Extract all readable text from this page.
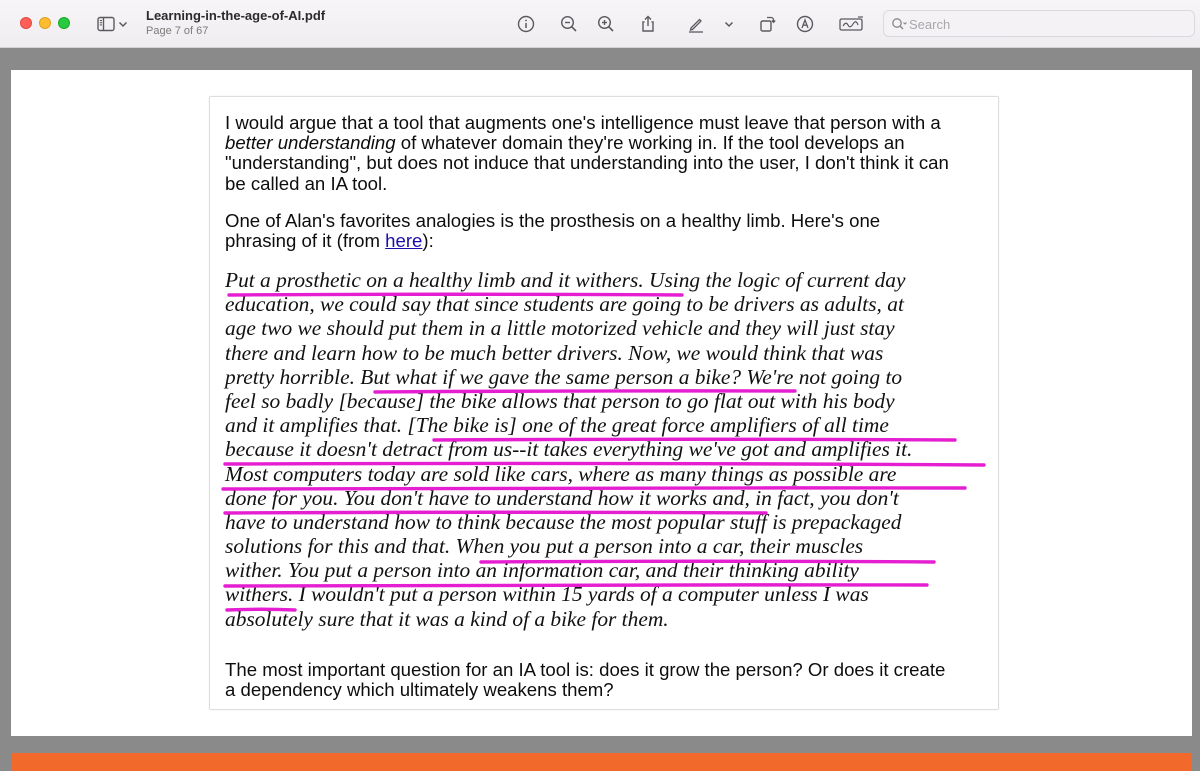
Learning-in-the-age-of-AI.pdf
Page 7 of 67
Search
I would argue that a tool that augments one's intelligence must leave that person with a
better understanding of whatever domain they're working in. If the tool develops an
"understanding", but does not induce that understanding into the user, I don't think it can
be called an IA tool.
One of Alan's favorites analogies is the prosthesis on a healthy limb. Here's one
phrasing of it (from here):
Put a prosthetic on a healthy limb and it withers. Using the logic of current day
education, we could say that since students are going to be drivers as adults, at
age two we should put them in a little motorized vehicle and they will just stay
there and learn how to be much better drivers. Now, we would think that was
pretty horrible. But what if we gave the same person a bike? We're not going to
feel so badly [because] the bike allows that person to go flat out with his body
and it amplifies that. [The bike is] one of the great force amplifiers of all time
because it doesn't detract from us--it takes everything we've got and amplifies it.
Most computers today are sold like cars, where as many things as possible are
done for you. You don't have to understand how it works and, in fact, you don't
have to understand how to think because the most popular stuff is prepackaged
solutions for this and that. When you put a person into a car, their muscles
wither. You put a person into an information car, and their thinking ability
withers. I wouldn't put a person within 15 yards of a computer unless I was
absolutely sure that it was a kind of a bike for them.
The most important question for an IA tool is: does it grow the person? Or does it create
a dependency which ultimately weakens them?
